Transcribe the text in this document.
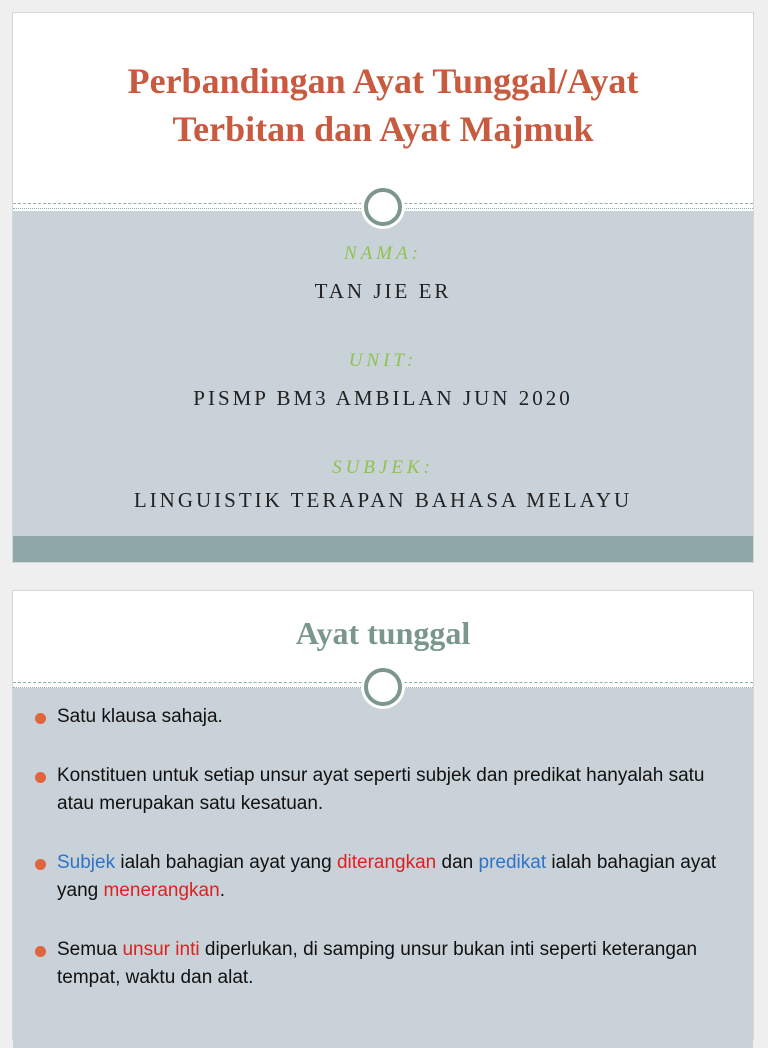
Perbandingan Ayat Tunggal/Ayat
Terbitan dan Ayat Majmuk
NAMA:
TAN JIE ER
UNIT:
PISMP BM3 AMBILAN JUN 2020
SUBJEK:
LINGUISTIK TERAPAN BAHASA MELAYU
Ayat tunggal
Satu klausa sahaja.
Konstituen untuk setiap unsur ayat seperti subjek dan predikat hanyalah satu atau merupakan satu kesatuan.
Subjek ialah bahagian ayat yang diterangkan dan predikat ialah bahagian ayat yang menerangkan.
Semua unsur inti diperlukan, di samping unsur bukan inti seperti keterangan tempat, waktu dan alat.
